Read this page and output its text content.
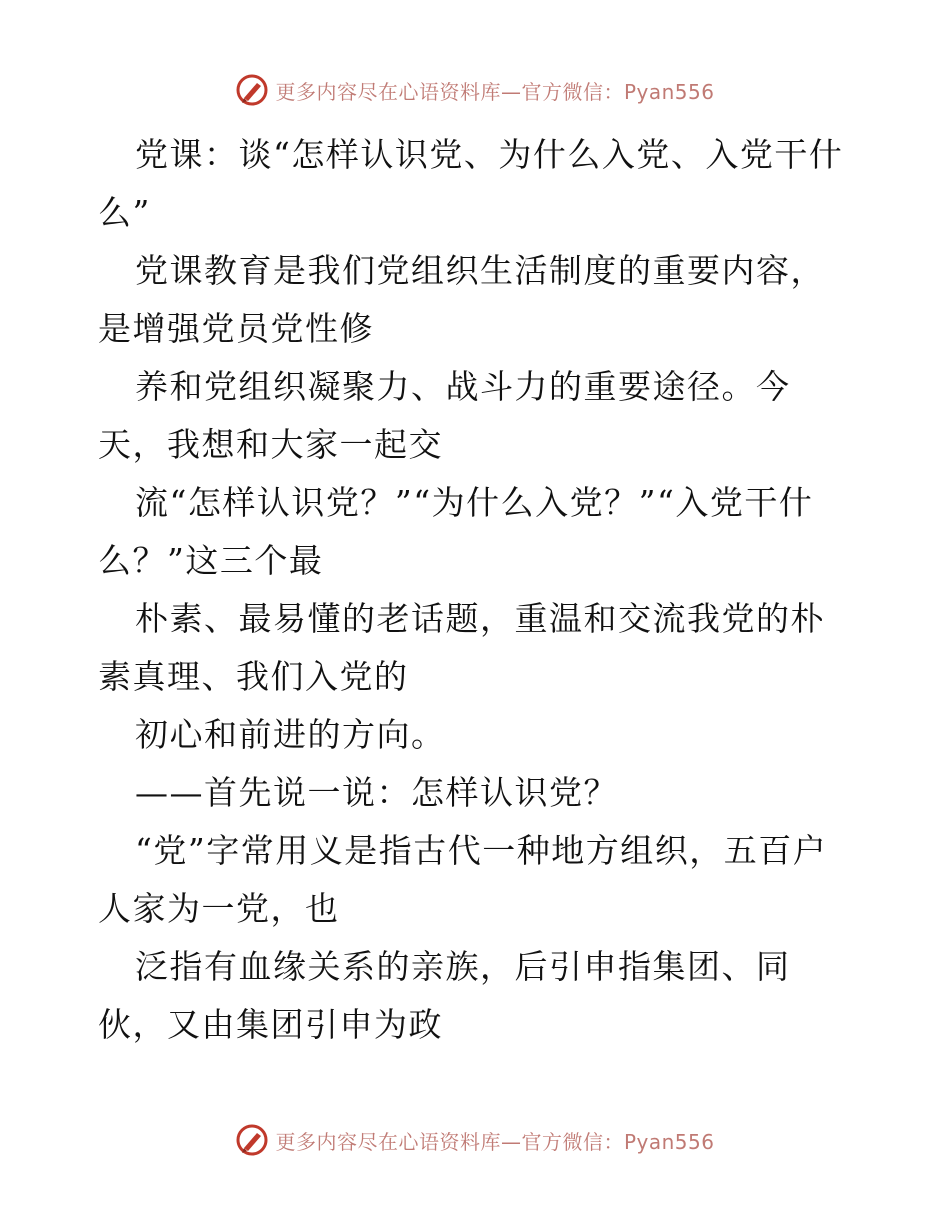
更多内容尽在心语资料库—官方微信：Pyan556

党课：谈“怎样认识党、为什么入党、入党干什么”

党课教育是我们党组织生活制度的重要内容，是增强党员党性修

养和党组织凝聚力、战斗力的重要途径。今天，我想和大家一起交

流“怎样认识党？”“为什么入党？”“入党干什么？”这三个最

朴素、最易懂的老话题，重温和交流我党的朴素真理、我们入党的

初心和前进的方向。

——首先说一说：怎样认识党？

“党”字常用义是指古代一种地方组织，五百户人家为一党，也

泛指有血缘关系的亲族，后引申指集团、同伙，又由集团引申为政

更多内容尽在心语资料库—官方微信：Pyan556
